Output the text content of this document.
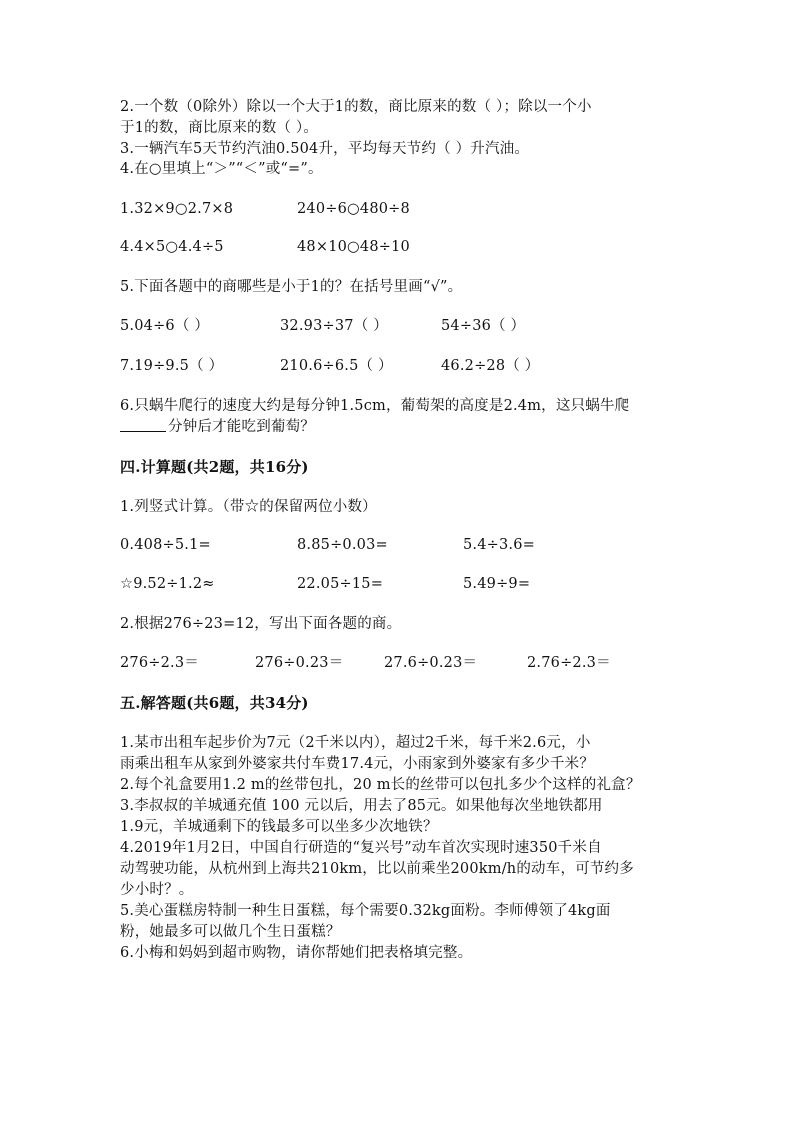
2.一个数（0除外）除以一个大于1的数，商比原来的数（ ）；除以一个小
于1的数，商比原来的数（ ）。
3.一辆汽车5天节约汽油0.504升，平均每天节约（ ）升汽油。
4.在○里填上“＞”“＜”或“=”。
1.32×9○2.7×8	240÷6○480÷8
4.4×5○4.4÷5	48×10○48÷10
5.下面各题中的商哪些是小于1的？在括号里画“√”。
5.04÷6（ ）	32.93÷37（ ）	54÷36（ ）
7.19÷9.5（ ）	210.6÷6.5（ ）	46.2÷28（ ）
6.只蜗牛爬行的速度大约是每分钟1.5cm，葡萄架的高度是2.4m，这只蜗牛爬
分钟后才能吃到葡萄？
四.计算题(共2题，共16分)
1.列竖式计算。（带☆的保留两位小数）
0.408÷5.1=	8.85÷0.03=	5.4÷3.6=
☆9.52÷1.2≈	22.05÷15=	5.49÷9=
2.根据276÷23=12，写出下面各题的商。
276÷2.3＝	276÷0.23＝	27.6÷0.23＝	2.76÷2.3＝
五.解答题(共6题，共34分)
1.某市出租车起步价为7元（2千米以内），超过2千米，每千米2.6元，小
雨乘出租车从家到外婆家共付车费17.4元，小雨家到外婆家有多少千米？
2.每个礼盒要用1.2 m的丝带包扎，20 m长的丝带可以包扎多少个这样的礼盒？
3.李叔叔的羊城通充值 100 元以后，用去了85元。如果他每次坐地铁都用
1.9元，羊城通剩下的钱最多可以坐多少次地铁？
4.2019年1月2日，中国自行研造的“复兴号”动车首次实现时速350千米自
动驾驶功能，从杭州到上海共210km，比以前乘坐200km/h的动车，可节约多
少小时？。
5.美心蛋糕房特制一种生日蛋糕，每个需要0.32kg面粉。李师傅领了4kg面
粉，她最多可以做几个生日蛋糕？
6.小梅和妈妈到超市购物，请你帮她们把表格填完整。
